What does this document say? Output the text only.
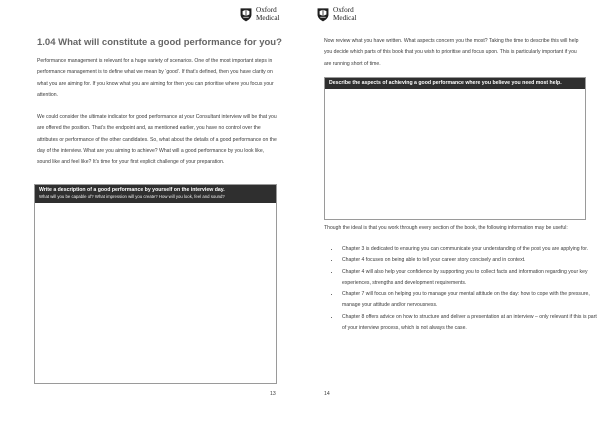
Oxford
Medical
1.04 What will constitute a good performance for you?

Performance management is relevant for a huge variety of scenarios. One of the most important steps in performance management is to define what we mean by ‘good’. If that’s defined, then you have clarity on what you are aiming for. If you know what you are aiming for then you can prioritise where you focus your attention.

We could consider the ultimate indicator for good performance at your Consultant interview will be that you are offered the position. That’s the endpoint and, as mentioned earlier, you have no control over the attributes or performance of the other candidates. So, what about the details of a good performance on the day of the interview. What are you aiming to achieve? What will a good performance by you look like, sound like and feel like? It’s time for your first explicit challenge of your preparation.

Write a description of a good performance by yourself on the interview day.
What will you be capable of? What impression will you create? How will you look, feel and sound?
13
Oxford
Medical

Now review what you have written. What aspects concern you the most? Taking the time to describe this will help you decide which parts of this book that you wish to prioritise and focus upon. This is particularly important if you are running short of time.

Describe the aspects of achieving a good performance where you believe you need most help.

Though the ideal is that you work through every section of the book, the following information may be useful:

• Chapter 3 is dedicated to ensuring you can communicate your understanding of the post you are applying for.
• Chapter 4 focuses on being able to tell your career story concisely and in context.
• Chapter 4 will also help your confidence by supporting you to collect facts and information regarding your key experiences, strengths and development requirements.
• Chapter 7 will focus on helping you to manage your mental attitude on the day: how to cope with the pressure, manage your attitude and/or nervousness.
• Chapter 8 offers advice on how to structure and deliver a presentation at an interview – only relevant if this is part of your interview process, which is not always the case.
14
